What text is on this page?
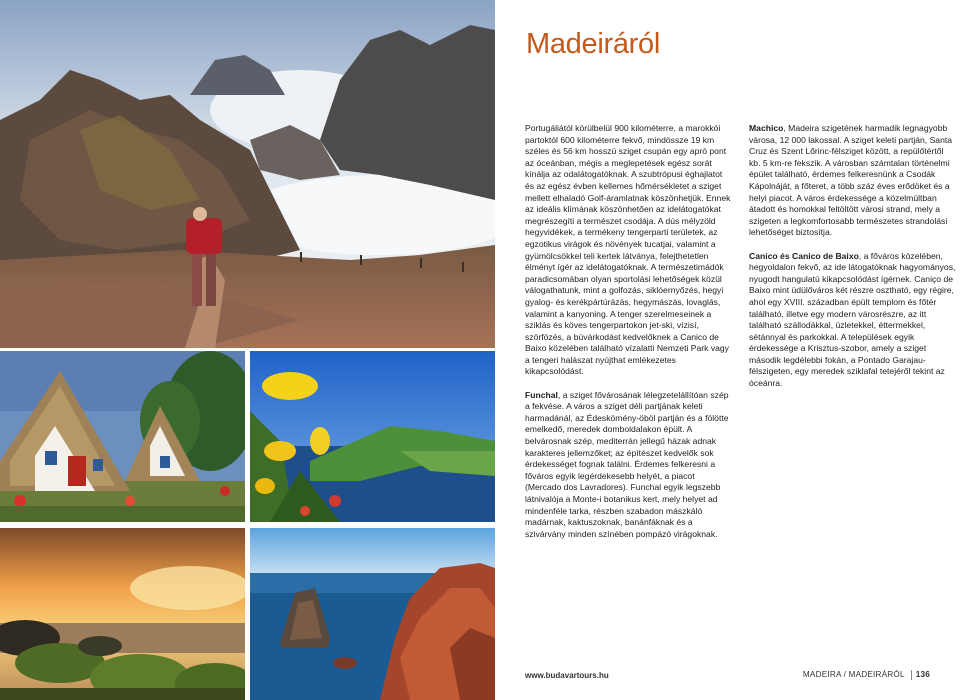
Madeiráról

Portugáliától körülbelül 900 kilométerre, a marokkói partoktól 600 kilométerre fekvő, mindössze 19 km széles és 56 km hosszú sziget csupán egy apró pont az óceánban, mégis a meglepetések egész sorát kínálja az odalátogatóknak. A szubtrópusi éghajlatot és az egész évben kellemes hőmérsékletet a sziget mellett elhaladó Golf-áramlatnak köszönhetjük. Ennek az ideális klímának köszönhetően az idelátogatókat megrészegíti a természet csodája. A dús mélyzöld hegyvidékek, a termékeny tengerparti területek, az egzotikus virágok és növények tucatjai, valamint a gyümölcsökkel teli kertek látványa, felejthetetlen élményt ígér az idelátogatóknak. A természetimádók paradicsomában olyan sportolási lehetőségek közül válogathatunk, mint a golfozás, siklóernyőzés, hegyi gyalog- és kerékpártúrázás, hegymászás, lovaglás, valamint a kanyoning. A tenger szerelmeseinek a sziklás és köves tengerpartokon jet-ski, vízisí, szörfözés, a búvárkodást kedvelőknek a Canico de Baixo közelében található vízalatti Nemzeti Park vagy a tengeri halászat nyújthat emlékezetes kikapcsolódást.

Funchal, a sziget fővárosának lélegzetelállítóan szép a fekvése. A város a sziget déli partjának keleti harmadánál, az Édeskömény-öböl partján és a fölötte emelkedő, meredek domboldalakon épült. A belvárosnak szép, mediterrán jellegű házak adnak karakteres jellemzőket; az építészet kedvelők sok érdekességet fognak találni. Érdemes felkeresni a főváros egyik legérdekesebb helyét, a piacot (Mercado dos Lavradores). Funchal egyik legszebb látnivalója a Monte-i botanikus kert, mely helyet ad mindenféle tarka, részben szabadon mászkáló madárnak, kaktuszoknak, banánfáknak és a szivárvány minden színében pompázó virágoknak.

Machico, Madeira szigetének harmadik legnagyobb városa, 12 000 lakossal. A sziget keleti partján, Santa Cruz és Szent Lőrinc-félsziget között, a repülőtértől kb. 5 km-re fekszik. A városban számtalan történelmi épület található, érdemes felkeresnünk a Csodák Kápolnáját, a főteret, a több száz éves erődöket és a helyi piacot. A város érdekessége a közelmúltban átadott és homokkal feltöltött városi strand, mely a szigeten a legkomfortosabb természetes strandolási lehetőséget biztosítja.

Canico és Canico de Baixo, a főváros közelében, hegyoldalon fekvő, az ide látogatóknak hagyományos, nyugodt hangulatú kikapcsolódást ígérnek. Caniço de Baixo mint üdülőváros két részre osztható, egy régire, ahol egy XVIII. században épült templom és főtér található, illetve egy modern városrészre, az itt található szállodákkal, üzletekkel, éttermekkel, sétánnyal és parkokkal. A települések egyik érdekessége a Krisztus-szobor, amely a sziget második legdélebbi fokán, a Pontado Garajau-félszigeten, egy meredek sziklafal tetejéről tekint az óceánra.

www.budavartours.hu	MADEIRA / MADEIRÁRÓL 136
